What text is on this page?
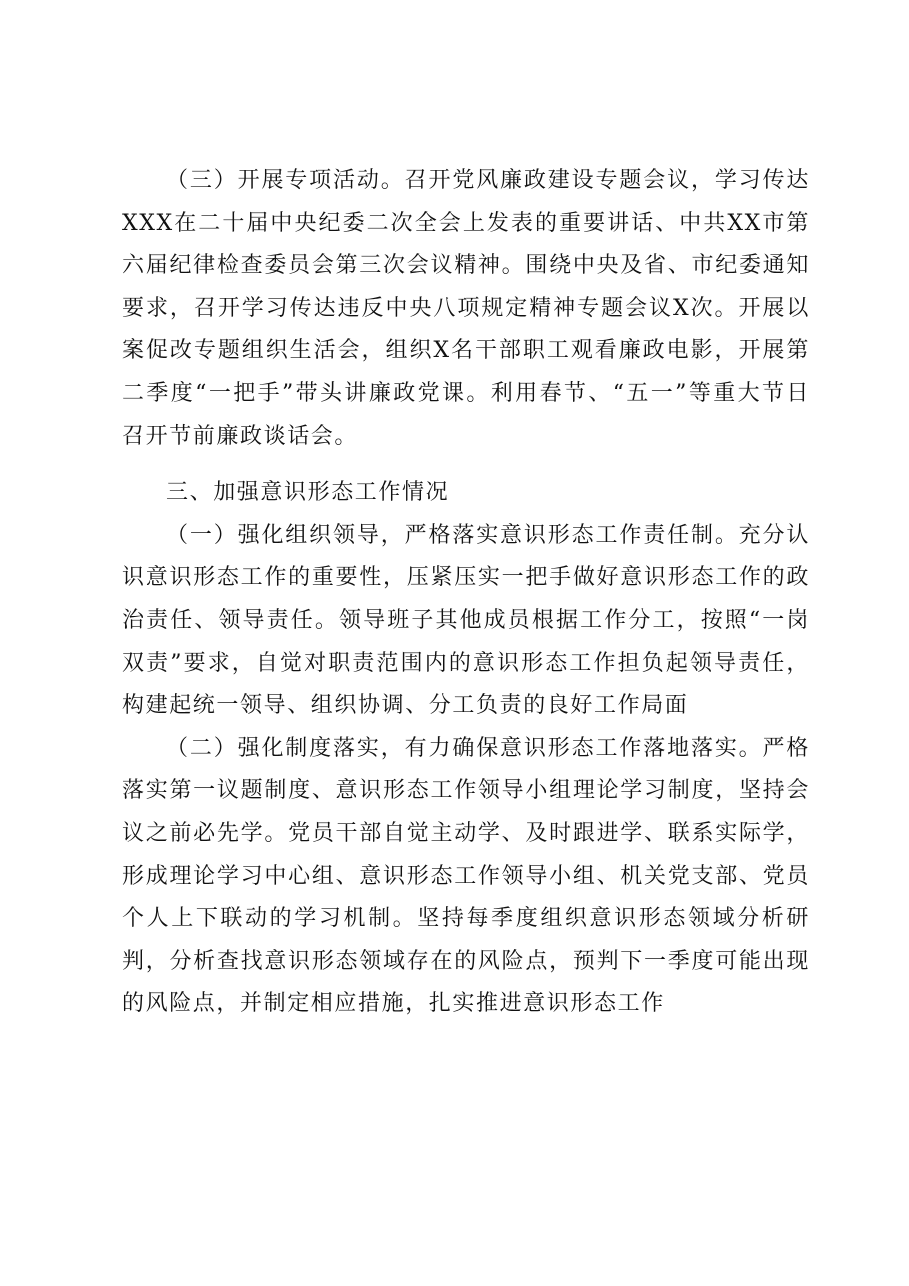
（三）开展专项活动。召开党风廉政建设专题会议，学习传达XXX在二十届中央纪委二次全会上发表的重要讲话、中共XX市第六届纪律检查委员会第三次会议精神。围绕中央及省、市纪委通知要求，召开学习传达违反中央八项规定精神专题会议X次。开展以案促改专题组织生活会，组织X名干部职工观看廉政电影，开展第二季度“一把手”带头讲廉政党课。利用春节、“五一”等重大节日召开节前廉政谈话会。

三、加强意识形态工作情况

（一）强化组织领导，严格落实意识形态工作责任制。充分认识意识形态工作的重要性，压紧压实一把手做好意识形态工作的政治责任、领导责任。领导班子其他成员根据工作分工，按照“一岗双责”要求，自觉对职责范围内的意识形态工作担负起领导责任，构建起统一领导、组织协调、分工负责的良好工作局面

（二）强化制度落实，有力确保意识形态工作落地落实。严格落实第一议题制度、意识形态工作领导小组理论学习制度，坚持会议之前必先学。党员干部自觉主动学、及时跟进学、联系实际学，形成理论学习中心组、意识形态工作领导小组、机关党支部、党员个人上下联动的学习机制。坚持每季度组织意识形态领域分析研判，分析查找意识形态领域存在的风险点，预判下一季度可能出现的风险点，并制定相应措施，扎实推进意识形态工作
